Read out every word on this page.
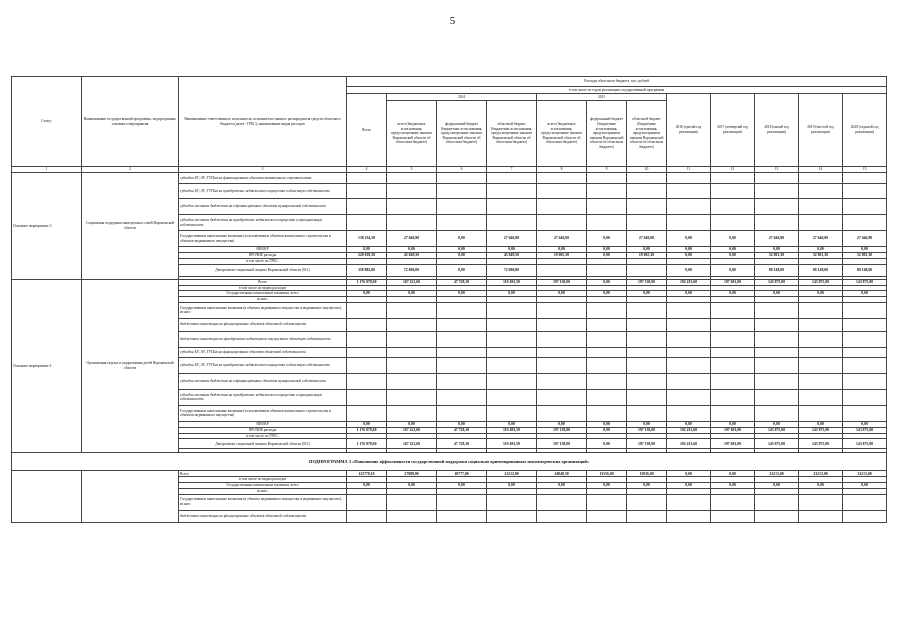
5
Статус	Наименование государственной программы, подпрограммы, основного мероприятия	Наименование ответственного исполнителя, исполнителя главного распорядителя средств областного бюджета (далее - ГРБС), наименование видов расходов	Расходы областного бюджета, тыс. рублей											
			в том числе по годам реализации государственной программы											
			Всего	2014			2015			2016 (третий год реализации)	2017 (четвертый год реализации)	2018 (пятый год реализации)	2019 (шестой год реализации)	2020 (седьмой год реализации)
				всего (бюджетные ассигнования, предусмотренные законом Воронежской области об областном бюджете)	федеральный бюджет (бюджетные ассигнования, предусмотренные законом Воронежской области об областном бюджете)	областной бюджет (бюджетные ассигнования, предусмотренные законом Воронежской области об областном бюджете)	всего (бюджетные ассигнования, предусмотренные законом Воронежской области об областном бюджете)	федеральный бюджет (бюджетные ассигнования, предусмотренные законом Воронежской области об областном бюджете)	областной бюджет (бюджетные ассигнования, предусмотренные законом Воронежской области об областном бюджете)					
1	2	3	4	5	6	7	8	9	10	11	12	13	14	15
Основное мероприятие 3	Социальная поддержка многодетных семей Воронежской области	субсидии БУ, АУ, ГУПам на финансирование объектов капитального строительства												
		субсидии БУ, АУ, ГУПам на приобретение недвижимого имущества в областную собственность												
		субсидии местным бюджетам на софинансирование объектов муниципальной собственности												
		субсидии местным бюджетам на приобретение недвижимого имущества в муниципальную собственность												
		Государственные капитальные вложения (за исключением объектов капитального строительства и объектов недвижимого имущества)	138 234,50	27 646,90	0,00	27 646,90	27 646,90	0,00	27 646,90	0,00	0,00	27 646,90	27 646,90	27 646,90
		НИОКР	0,00	0,00	0,00	0,00	0,00	0,00	0,00	0,00	0,00	0,00	0,00	0,00
		ПРОЧИЕ расходы	220 639,50	45 049,50	0,00	45 049,50	19 065,30	0,00	19 065,30	0,00	0,00	52 801,30	52 801,30	52 801,30
		в том числе по ГРБС:												
		Департамент социальной защиты Воронежской области (811)	358 882,00	72 696,00	0,00	72 696,00				0,00	0,00	80 148,00	80 148,00	80 148,00

Основное мероприятие 4	Организация отдыха и оздоровления детей Воронежской области	Всего	1 176 878,60	167 221,60	47 728,10	119 493,50	197 138,00	0,00	197 138,00	192 413,60	197 691,00	143 875,00	143 875,00	143 875,00
		в том числе по видам расходов												
		Государственные капитальные вложения, всего	0,00	0,00	0,00	0,00	0,00	0,00	0,00	0,00	0,00	0,00	0,00	0,00
		из них:												
		Государственные капитальные вложения (в объекты недвижимого имущества и недвижимое имущество), из них:												
		бюджетные инвестиции на финансирование объектов областной собственности												
		бюджетные инвестиции на приобретение недвижимого имущества в областную собственность												
		субсидии БУ, АУ, ГУПам на финансирование объектов областной собственности												
		субсидии БУ, АУ, ГУПам на приобретение недвижимого имущества в областную собственность												
		субсидии местным бюджетам на софинансирование объектов муниципальной собственности												
		субсидии местным бюджетам на приобретение недвижимого имущества в муниципальную собственность												
		Государственные капитальные вложения (за исключением объектов капитального строительства и объектов недвижимого имущества)												
		НИОКР	0,00	0,00	0,00	0,00	0,00	0,00	0,00	0,00	0,00	0,00	0,00	0,00
		ПРОЧИЕ расходы	1 176 878,60	167 221,60	47 728,10	119 493,50	197 138,00	0,00	197 138,00	192 413,60	197 691,00	143 875,00	143 875,00	143 875,00
		в том числе по ГРБС:												
		Департамент социальной защиты Воронежской области (811)	1 176 878,60	167 221,60	47 728,10	119 493,50	197 138,00	0,00	197 138,00	192 413,60	197 691,00	143 875,00	143 875,00	143 875,00

ПОДПРОГРАММА 3 «Повышение эффективности государственной поддержки социально ориентированных некоммерческих организаций»														
		Всего	125778,10	27989,00	18777,00	21212,00	24848,30	13556,00	13836,00	0,00	0,00	23213,00	23213,00	23213,00
		в том числе по видам расходов												
		Государственные капитальные вложения, всего	0,00	0,00	0,00	0,00	0,00	0,00	0,00	0,00	0,00	0,00	0,00	0,00
		из них:												
		Государственные капитальные вложения (в объекты недвижимого имущества и недвижимое имущество), из них:												
		бюджетные инвестиции на финансирование объектов областной собственности												
